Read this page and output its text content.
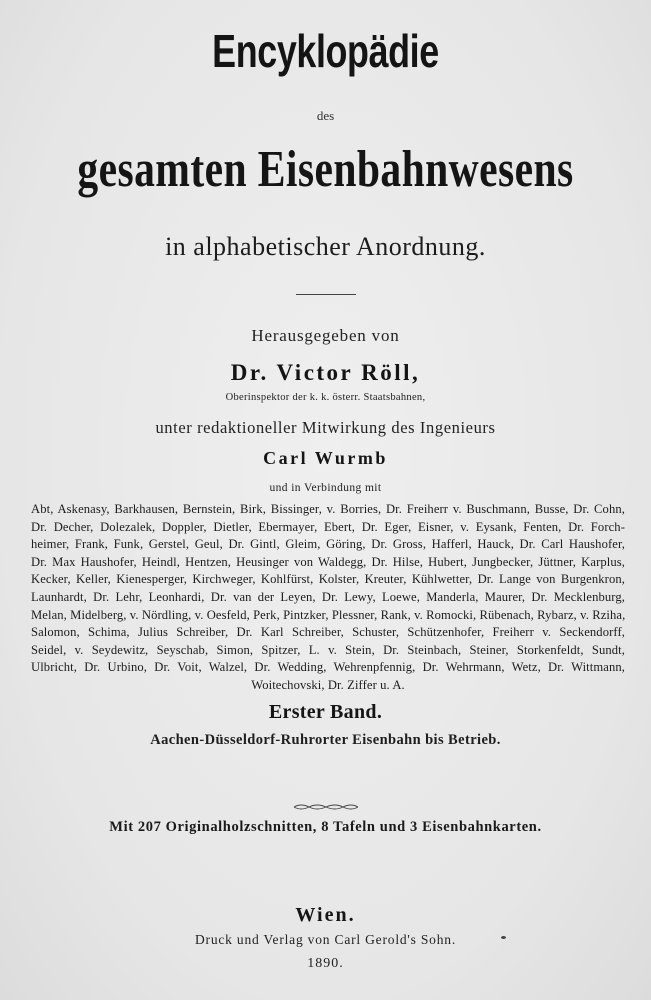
Encyklopädie
des
gesamten Eisenbahnwesens
in alphabetischer Anordnung.
Herausgegeben von
Dr. Victor Röll,
Oberinspektor der k. k. österr. Staatsbahnen,
unter redaktioneller Mitwirkung des Ingenieurs
Carl Wurmb
und in Verbindung mit
Abt, Askenasy, Barkhausen, Bernstein, Birk, Bissinger, v. Borries, Dr. Freiherr v. Buschmann, Busse, Dr. Cohn,
Dr. Decher, Dolezalek, Doppler, Dietler, Ebermayer, Ebert, Dr. Eger, Eisner, v. Eysank, Fenten, Dr. Forch-
heimer, Frank, Funk, Gerstel, Geul, Dr. Gintl, Gleim, Göring, Dr. Gross, Hafferl, Hauck, Dr. Carl Haushofer,
Dr. Max Haushofer, Heindl, Hentzen, Heusinger von Waldegg, Dr. Hilse, Hubert, Jungbecker, Jüttner, Karplus,
Kecker, Keller, Kienesperger, Kirchweger, Kohlfürst, Kolster, Kreuter, Kühlwetter, Dr. Lange von Burgenkron,
Launhardt, Dr. Lehr, Leonhardi, Dr. van der Leyen, Dr. Lewy, Loewe, Manderla, Maurer, Dr. Mecklenburg,
Melan, Midelberg, v. Nördling, v. Oesfeld, Perk, Pintzker, Plessner, Rank, v. Romocki, Rübenach, Rybarz, v. Rziha,
Salomon, Schima, Julius Schreiber, Dr. Karl Schreiber, Schuster, Schützenhofer, Freiherr v. Seckendorff,
Seidel, v. Seydewitz, Seyschab, Simon, Spitzer, L. v. Stein, Dr. Steinbach, Steiner, Storkenfeldt, Sundt,
Ulbricht, Dr. Urbino, Dr. Voit, Walzel, Dr. Wedding, Wehrenpfennig, Dr. Wehrmann, Wetz, Dr. Wittmann,
Woitechovski, Dr. Ziffer u. A.
Erster Band.
Aachen-Düsseldorf-Ruhrorter Eisenbahn bis Betrieb.
Mit 207 Originalholzschnitten, 8 Tafeln und 3 Eisenbahnkarten.
Wien.
Druck und Verlag von Carl Gerold's Sohn.
1890.
